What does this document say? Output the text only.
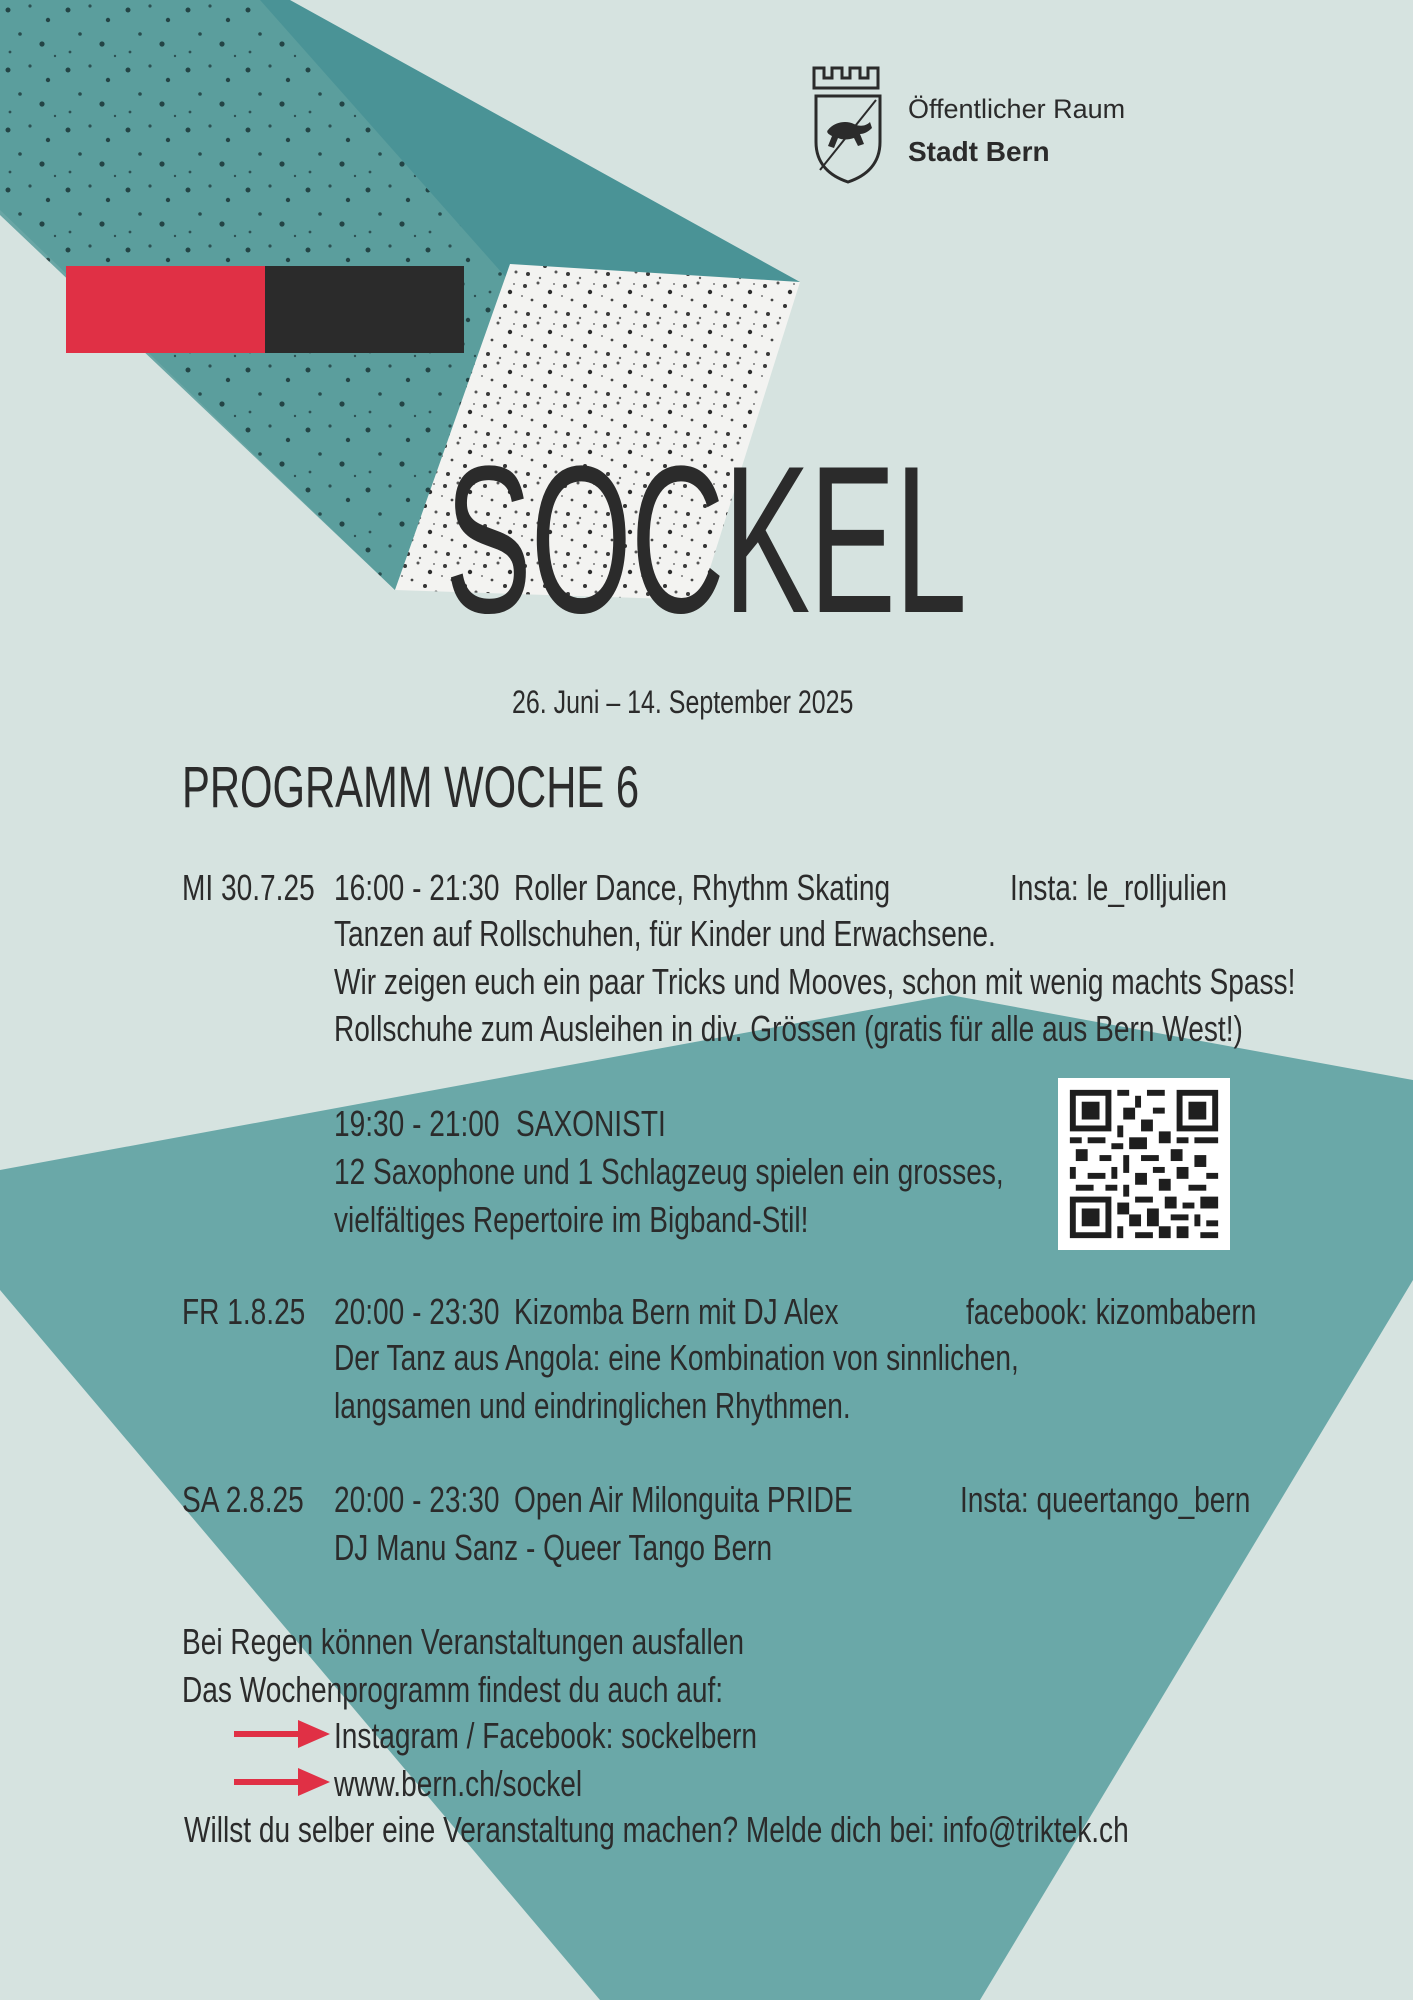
Öffentlicher Raum
Stadt Bern
SOCKEL
26. Juni – 14. September 2025
PROGRAMM WOCHE 6
MI 30.7.25 16:00 - 21:30 Roller Dance, Rhythm Skating	Insta: le_rolljulien
Tanzen auf Rollschuhen, für Kinder und Erwachsene.
Wir zeigen euch ein paar Tricks und Mooves, schon mit wenig machts Spass!
Rollschuhe zum Ausleihen in div. Grössen (gratis für alle aus Bern West!)
19:30 - 21:00 SAXONISTI
12 Saxophone und 1 Schlagzeug spielen ein grosses,
vielfältiges Repertoire im Bigband-Stil!
FR 1.8.25 20:00 - 23:30 Kizomba Bern mit DJ Alex	facebook: kizombabern
Der Tanz aus Angola: eine Kombination von sinnlichen,
langsamen und eindringlichen Rhythmen.
SA 2.8.25 20:00 - 23:30 Open Air Milonguita PRIDE	Insta: queertango_bern
DJ Manu Sanz - Queer Tango Bern
Bei Regen können Veranstaltungen ausfallen
Das Wochenprogramm findest du auch auf:
Instagram / Facebook: sockelbern
www.bern.ch/sockel
Willst du selber eine Veranstaltung machen? Melde dich bei: info@triktek.ch
